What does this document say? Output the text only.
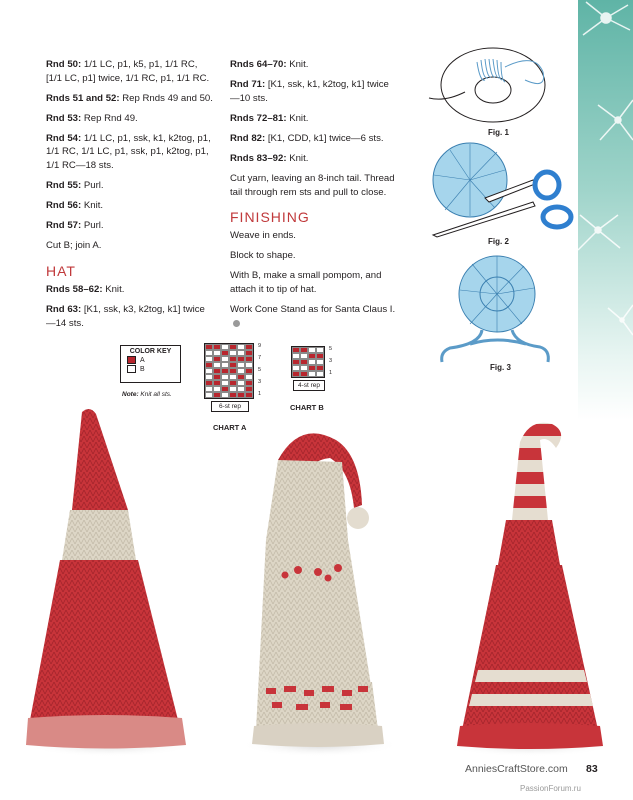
Rnd 50: 1/1 LC, p1, k5, p1, 1/1 RC, [1/1 LC, p1] twice, 1/1 RC, p1, 1/1 RC.

Rnds 51 and 52: Rep Rnds 49 and 50.

Rnd 53: Rep Rnd 49.

Rnd 54: 1/1 LC, p1, ssk, k1, k2tog, p1, 1/1 RC, 1/1 LC, p1, ssk, p1, k2tog, p1, 1/1 RC—18 sts.

Rnd 55: Purl.

Rnd 56: Knit.

Rnd 57: Purl.

Cut B; join A.

HAT

Rnds 58–62: Knit.

Rnd 63: [K1, ssk, k3, k2tog, k1] twice—14 sts.

Rnds 64–70: Knit.

Rnd 71: [K1, ssk, k1, k2tog, k1] twice—10 sts.

Rnds 72–81: Knit.

Rnd 82: [K1, CDD, k1] twice—6 sts.

Rnds 83–92: Knit.

Cut yarn, leaving an 8-inch tail. Thread tail through rem sts and pull to close.

FINISHING

Weave in ends.

Block to shape.

With B, make a small pompom, and attach it to tip of hat.

Work Cone Stand as for Santa Claus I.

Fig. 1
Fig. 2
Fig. 3
COLOR KEY
A
B
Note: Knit all sts.
9
7
5
3
1
6-st rep
CHART A
5
3
1
4-st rep
CHART B
AnniesCraftStore.com 83
PassionForum.ru
